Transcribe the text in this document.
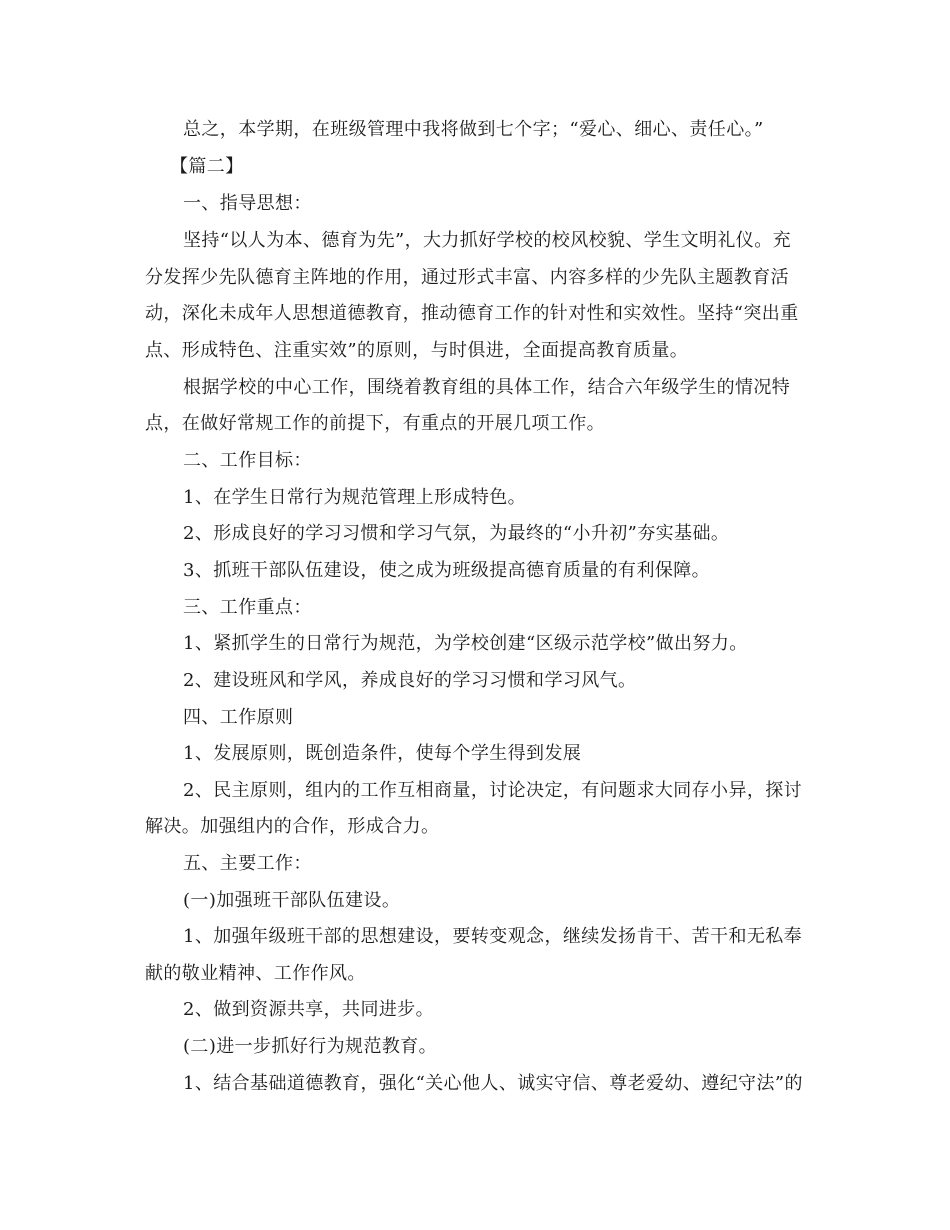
总之，本学期，在班级管理中我将做到七个字；“爱心、细心、责任心。”
【篇二】
一、指导思想：
坚持“以人为本、德育为先”，大力抓好学校的校风校貌、学生文明礼仪。充
分发挥少先队德育主阵地的作用，通过形式丰富、内容多样的少先队主题教育活
动，深化未成年人思想道德教育，推动德育工作的针对性和实效性。坚持“突出重
点、形成特色、注重实效”的原则，与时俱进，全面提高教育质量。
根据学校的中心工作，围绕着教育组的具体工作，结合六年级学生的情况特
点，在做好常规工作的前提下，有重点的开展几项工作。
二、工作目标：
1、在学生日常行为规范管理上形成特色。
2、形成良好的学习习惯和学习气氛，为最终的“小升初”夯实基础。
3、抓班干部队伍建设，使之成为班级提高德育质量的有利保障。
三、工作重点：
1、紧抓学生的日常行为规范，为学校创建“区级示范学校”做出努力。
2、建设班风和学风，养成良好的学习习惯和学习风气。
四、工作原则
1、发展原则，既创造条件，使每个学生得到发展
2、民主原则，组内的工作互相商量，讨论决定，有问题求大同存小异，探讨
解决。加强组内的合作，形成合力。
五、主要工作：
(一)加强班干部队伍建设。
1、加强年级班干部的思想建设，要转变观念，继续发扬肯干、苦干和无私奉
献的敬业精神、工作作风。
2、做到资源共享，共同进步。
(二)进一步抓好行为规范教育。
1、结合基础道德教育，强化“关心他人、诚实守信、尊老爱幼、遵纪守法”的
